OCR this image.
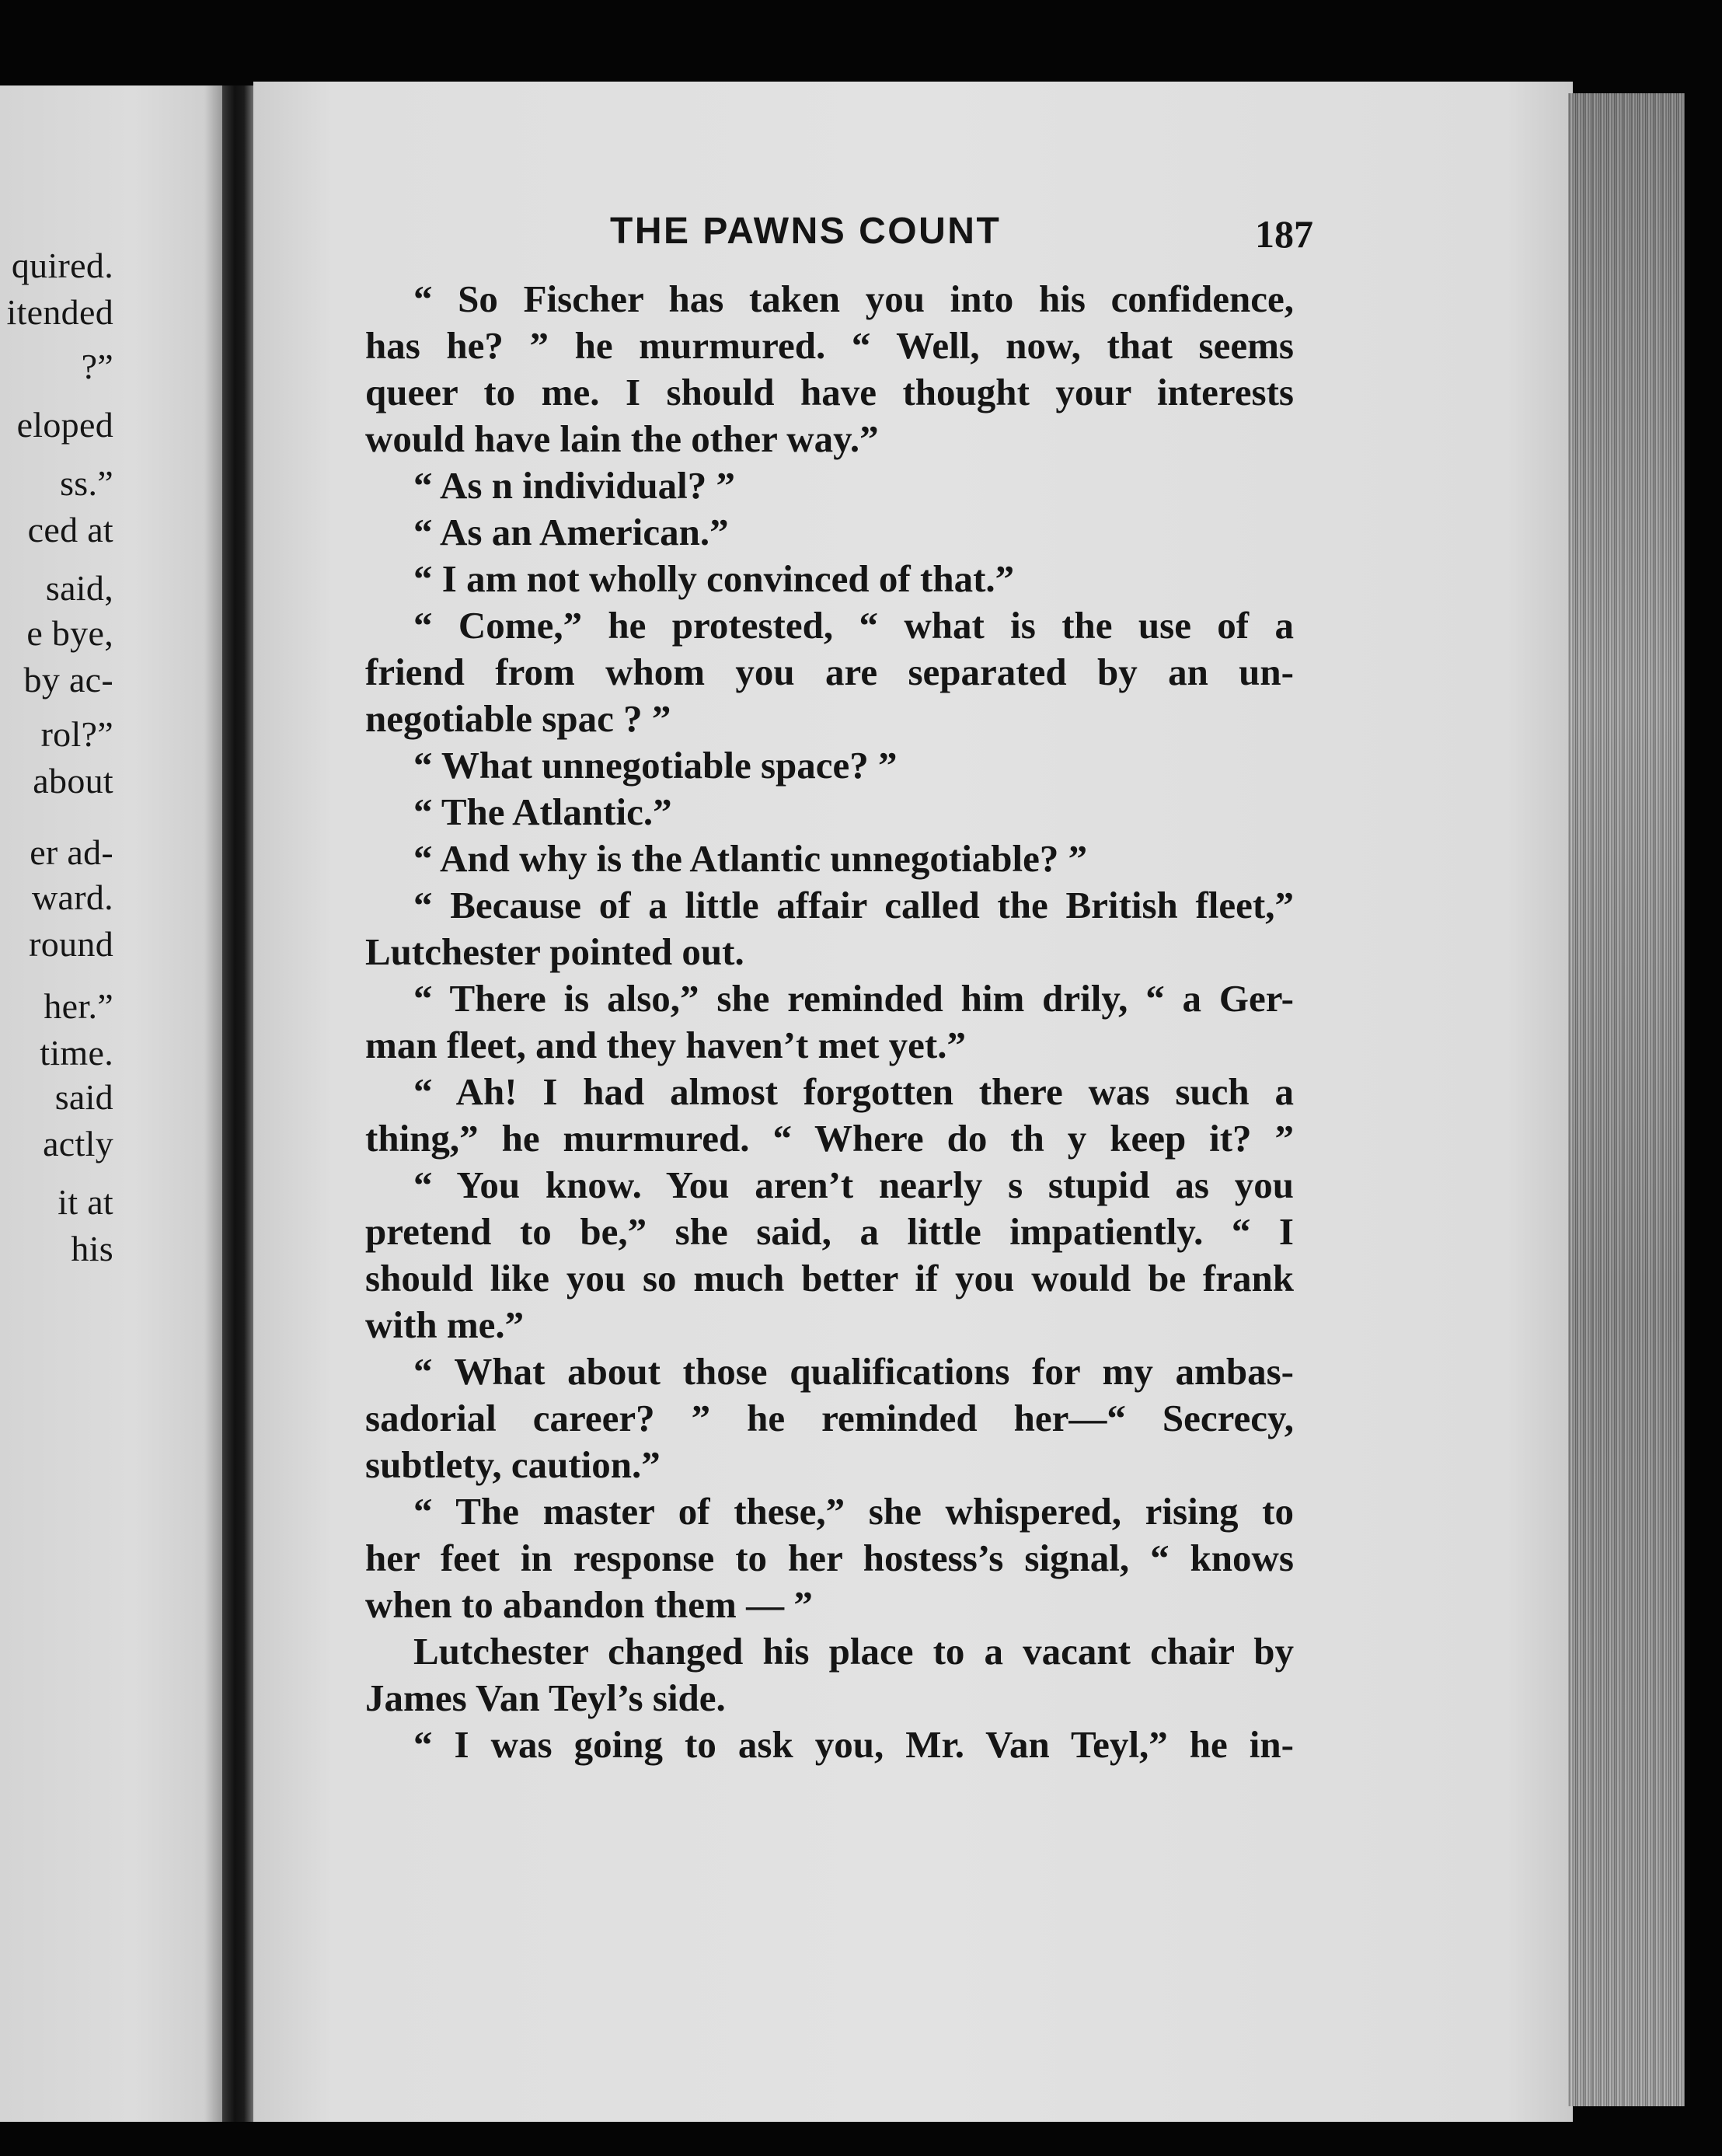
quired.
itended
?”
eloped
ss.”
ced at
said,
e bye,
by ac-
rol?”
about
er ad-
ward.
round
her.”
time.
said
actly
it at
his
THE PAWNS COUNT	187
“ So Fischer has taken you into his confidence,
has he? ” he murmured. “ Well, now, that seems
queer to me. I should have thought your interests
would have lain the other way.”
“ As n individual? ”
“ As an American.”
“ I am not wholly convinced of that.”
“ Come,” he protested, “ what is the use of a
friend from whom you are separated by an un-
negotiable spac ? ”
“ What unnegotiable space? ”
“ The Atlantic.”
“ And why is the Atlantic unnegotiable? ”
“ Because of a little affair called the British fleet,”
Lutchester pointed out.
“ There is also,” she reminded him drily, “ a Ger-
man fleet, and they haven’t met yet.”
“ Ah! I had almost forgotten there was such a
thing,” he murmured. “ Where do th y keep it? ”
“ You know. You aren’t nearly s stupid as you
pretend to be,” she said, a little impatiently. “ I
should like you so much better if you would be frank
with me.”
“ What about those qualifications for my ambas-
sadorial career? ” he reminded her—“ Secrecy,
subtlety, caution.”
“ The master of these,” she whispered, rising to
her feet in response to her hostess’s signal, “ knows
when to abandon them — ”
Lutchester changed his place to a vacant chair by
James Van Teyl’s side.
“ I was going to ask you, Mr. Van Teyl,” he in-
